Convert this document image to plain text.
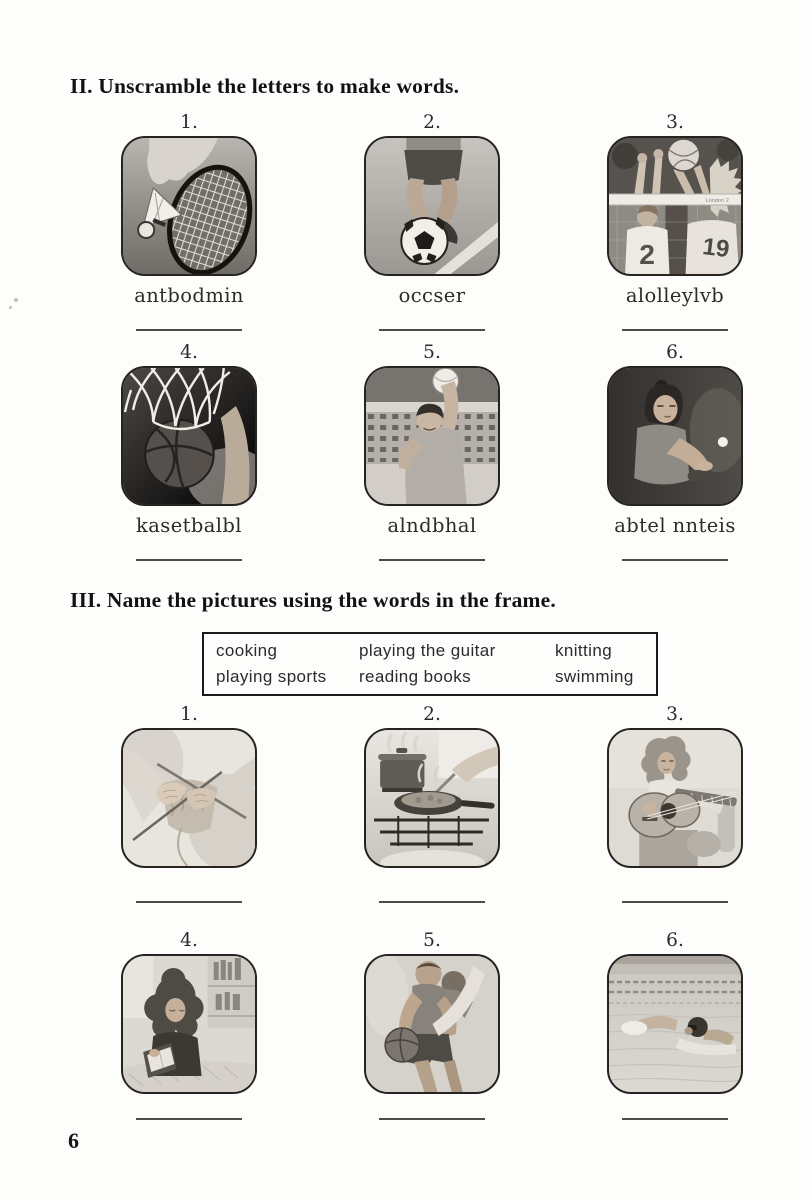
II. Unscramble the letters to make words.
1.
antbodmin
2.
occser
3.
London 2
2 19
alolleylvb
4.
kasetbalbl
5.
alndbhal
6.
abtel nnteis
III. Name the pictures using the words in the frame.
cooking	playing the guitar	knitting
playing sports	reading books	swimming
1.	2.	3.
4.	5.	6.
6
